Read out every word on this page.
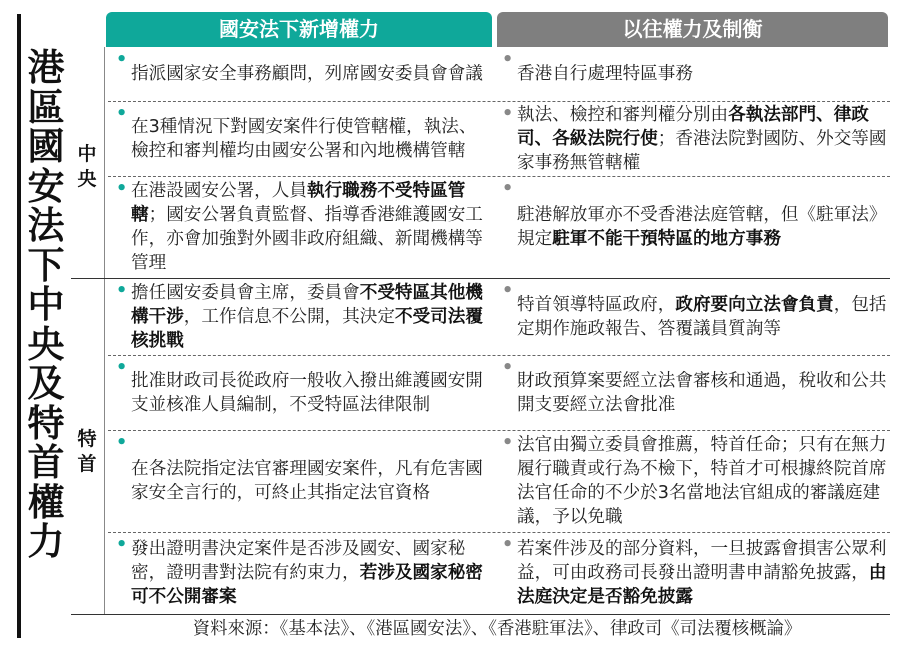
港
區
國
安
法
下
中
央
及
特
首
權
力
國安法下新增權力	以往權力及制衡
中
央
特
首
•
指派國家安全事務顧問，列席國安委員會會議
•
香港自行處理特區事務
•
在3種情況下對國安案件行使管轄權，執法、檢控和審判權均由國安公署和內地機構管轄
• 執法、檢控和審判權分別由各執法部門、律政司、各級法院行使；香港法院對國防、外交等國家事務無管轄權
• 在港設國安公署，人員執行職務不受特區管轄；國安公署負責監督、指導香港維護國安工作，亦會加強對外國非政府組織、新聞機構等管理
•
駐港解放軍亦不受香港法庭管轄，但《駐軍法》規定駐軍不能干預特區的地方事務
• 擔任國安委員會主席，委員會不受特區其他機構干涉，工作信息不公開，其決定不受司法覆核挑戰
•
特首領導特區政府，政府要向立法會負責，包括定期作施政報告、答覆議員質詢等
•
批准財政司長從政府一般收入撥出維護國安開支並核准人員編制，不受特區法律限制
•
財政預算案要經立法會審核和通過，稅收和公共開支要經立法會批准
•
在各法院指定法官審理國安案件，凡有危害國家安全言行的，可終止其指定法官資格
• 法官由獨立委員會推薦，特首任命；只有在無力履行職責或行為不檢下，特首才可根據終院首席法官任命的不少於3名當地法官組成的審議庭建議，予以免職
• 發出證明書決定案件是否涉及國安、國家秘密，證明書對法院有約束力，若涉及國家秘密可不公開審案
• 若案件涉及的部分資料，一旦披露會損害公眾利益，可由政務司長發出證明書申請豁免披露，由法庭決定是否豁免披露
資料來源：《基本法》、《港區國安法》、《香港駐軍法》、律政司《司法覆核概論》
